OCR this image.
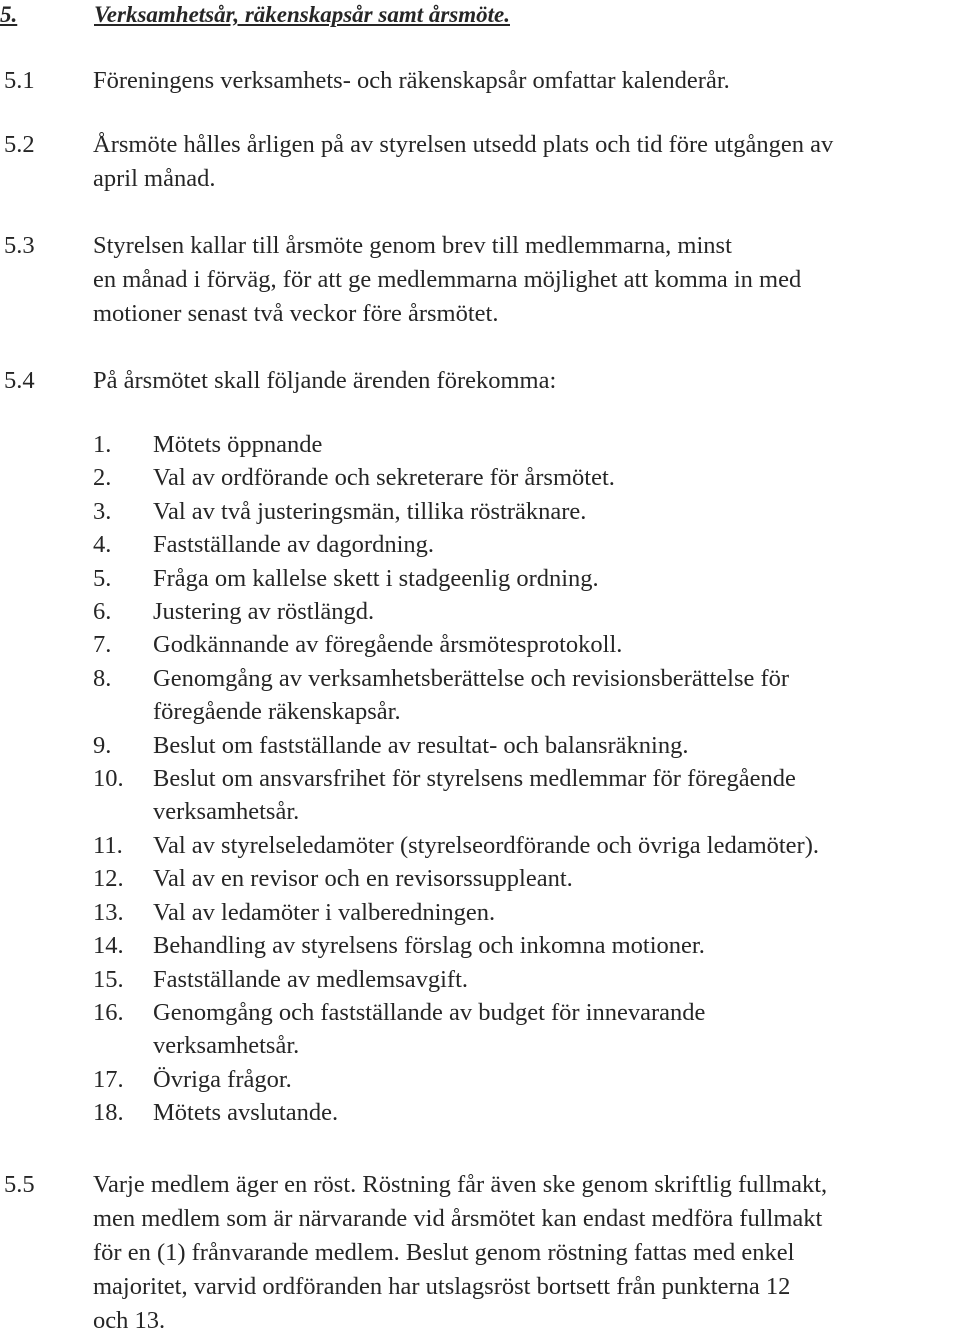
5.	Verksamhetsår, räkenskapsår samt årsmöte.
5.1 Föreningens verksamhets- och räkenskapsår omfattar kalenderår.

5.2 Årsmöte hålles årligen på av styrelsen utsedd plats och tid före utgången av

april månad.

5.3 Styrelsen kallar till årsmöte genom brev till medlemmarna, minst

en månad i förväg, för att ge medlemmarna möjlighet att komma in med

motioner senast två veckor före årsmötet.

5.4 På årsmötet skall följande ärenden förekomma:

1. Mötets öppnande
2. Val av ordförande och sekreterare för årsmötet.
3. Val av två justeringsmän, tillika rösträknare.
4. Fastställande av dagordning.
5. Fråga om kallelse skett i stadgeenlig ordning.
6. Justering av röstlängd.
7. Godkännande av föregående årsmötesprotokoll.
8. Genomgång av verksamhetsberättelse och revisionsberättelse för
föregående räkenskapsår.
9. Beslut om fastställande av resultat- och balansräkning.
10. Beslut om ansvarsfrihet för styrelsens medlemmar för föregående
verksamhetsår.
11. Val av styrelseledamöter (styrelseordförande och övriga ledamöter).
12. Val av en revisor och en revisorssuppleant.
13. Val av ledamöter i valberedningen.
14. Behandling av styrelsens förslag och inkomna motioner.
15. Fastställande av medlemsavgift.
16. Genomgång och fastställande av budget för innevarande
verksamhetsår.
17. Övriga frågor.
18. Mötets avslutande.
5.5 Varje medlem äger en röst. Röstning får även ske genom skriftlig fullmakt,

men medlem som är närvarande vid årsmötet kan endast medföra fullmakt

för en (1) frånvarande medlem. Beslut genom röstning fattas med enkel

majoritet, varvid ordföranden har utslagsröst bortsett från punkterna 12

och 13.
